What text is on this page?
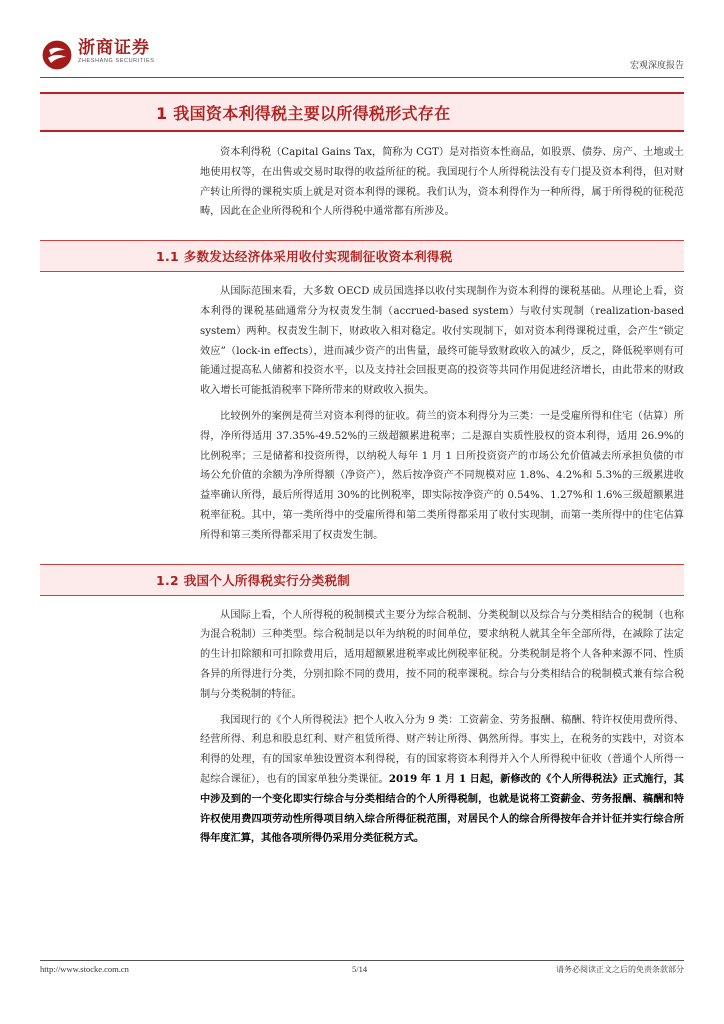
浙商证券
ZHESHANG SECURITIES	宏观深度报告
1 我国资本利得税主要以所得税形式存在

资本利得税（Capital Gains Tax，简称为 CGT）是对指资本性商品，如股票、债券、房产、土地或土地使用权等，在出售或交易时取得的收益所征的税。我国现行个人所得税法没有专门提及资本利得，但对财产转让所得的课税实质上就是对资本利得的课税。我们认为，资本利得作为一种所得，属于所得税的征税范畴，因此在企业所得税和个人所得税中通常都有所涉及。

1.1 多数发达经济体采用收付实现制征收资本利得税

从国际范围来看，大多数 OECD 成员国选择以收付实现制作为资本利得的课税基础。从理论上看，资本利得的课税基础通常分为权责发生制（accrued-based system）与收付实现制（realization-based system）两种。权责发生制下，财政收入相对稳定。收付实现制下，如对资本利得课税过重，会产生“锁定效应”（lock-in effects），进而减少资产的出售量，最终可能导致财政收入的减少，反之，降低税率则有可能通过提高私人储蓄和投资水平，以及支持社会回报更高的投资等共同作用促进经济增长，由此带来的财政收入增长可能抵消税率下降所带来的财政收入损失。

比较例外的案例是荷兰对资本利得的征收。荷兰的资本利得分为三类：一是受雇所得和住宅（估算）所得，净所得适用 37.35%-49.52%的三级超额累进税率；二是源自实质性股权的资本利得，适用 26.9%的比例税率；三是储蓄和投资所得，以纳税人每年 1 月 1 日所投资资产的市场公允价值减去所承担负债的市场公允价值的余额为净所得额（净资产），然后按净资产不同规模对应 1.8%、4.2%和 5.3%的三级累进收益率确认所得，最后所得适用 30%的比例税率，即实际按净资产的 0.54%、1.27%和 1.6%三级超额累进税率征税。其中，第一类所得中的受雇所得和第二类所得都采用了收付实现制，而第一类所得中的住宅估算所得和第三类所得都采用了权责发生制。

1.2 我国个人所得税实行分类税制

从国际上看，个人所得税的税制模式主要分为综合税制、分类税制以及综合与分类相结合的税制（也称为混合税制）三种类型。综合税制是以年为纳税的时间单位，要求纳税人就其全年全部所得，在减除了法定的生计扣除额和可扣除费用后，适用超额累进税率或比例税率征税。分类税制是将个人各种来源不同、性质各异的所得进行分类，分别扣除不同的费用，按不同的税率课税。综合与分类相结合的税制模式兼有综合税制与分类税制的特征。

我国现行的《个人所得税法》把个人收入分为 9 类：工资薪金、劳务报酬、稿酬、特许权使用费所得、经营所得、利息和股息红利、财产租赁所得、财产转让所得、偶然所得。事实上，在税务的实践中，对资本利得的处理，有的国家单独设置资本利得税，有的国家将资本利得并入个人所得税中征收（普通个人所得一起综合课征），也有的国家单独分类课征。2019 年 1 月 1 日起，新修改的《个人所得税法》正式施行，其中涉及到的一个变化即实行综合与分类相结合的个人所得税制，也就是说将工资薪金、劳务报酬、稿酬和特许权使用费四项劳动性所得项目纳入综合所得征税范围，对居民个人的综合所得按年合并计征并实行综合所得年度汇算，其他各项所得仍采用分类征税方式。

http://www.stocke.com.cn	5/14	请务必阅读正文之后的免责条款部分
